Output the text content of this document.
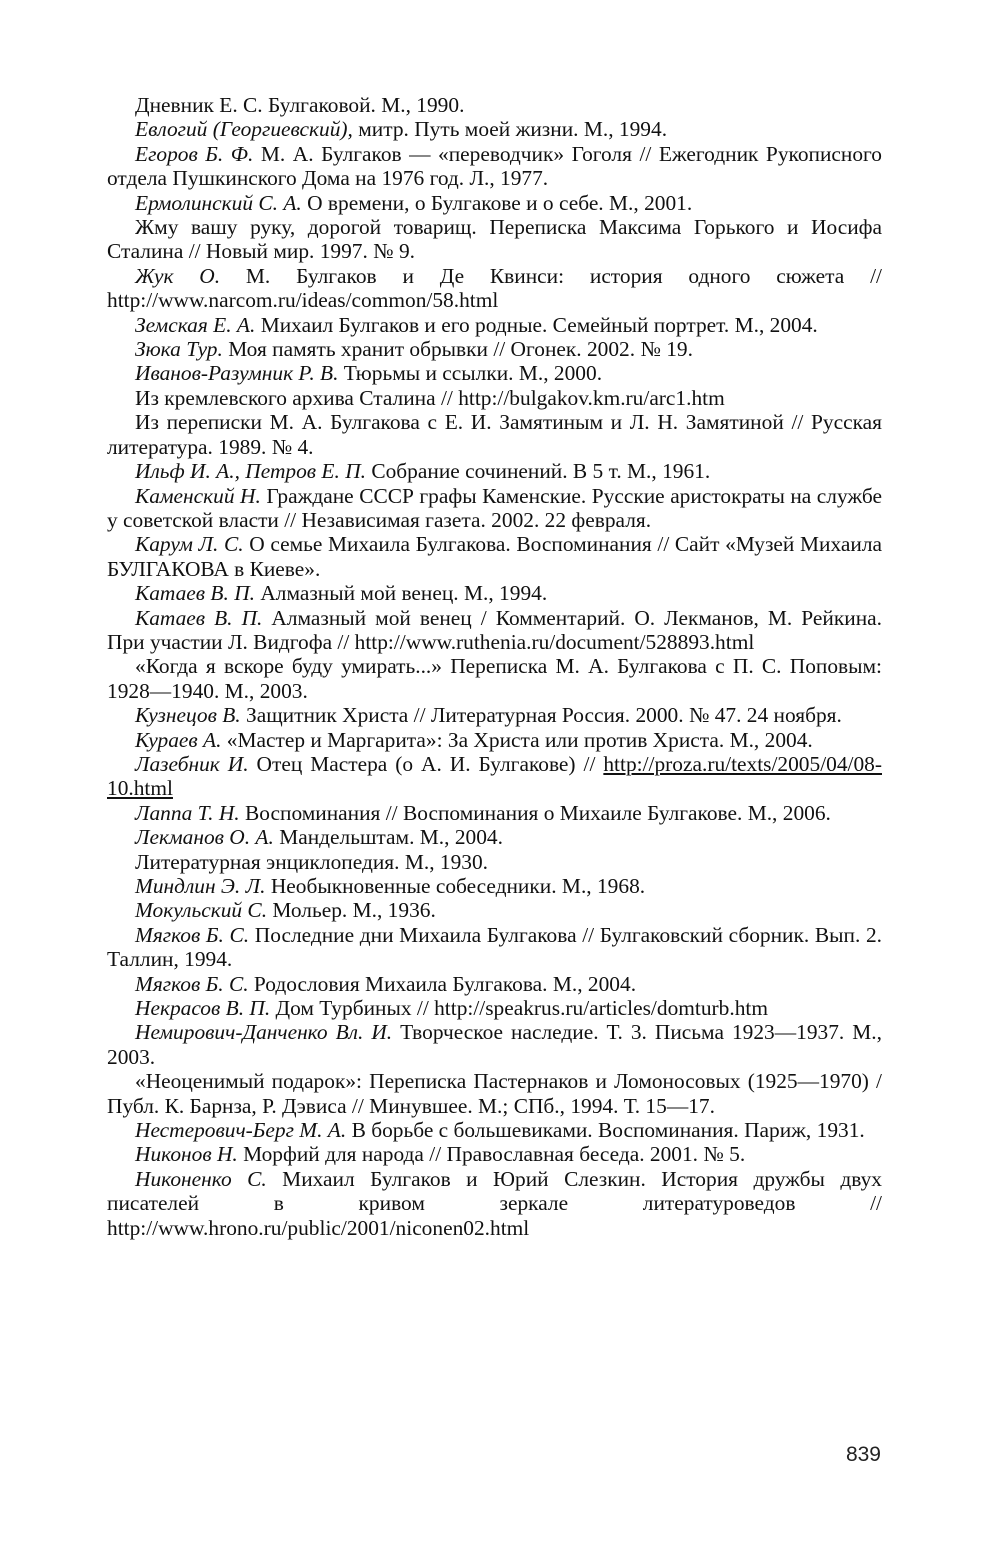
Дневник Е. С. Булгаковой. М., 1990.

Евлогий (Георгиевский), митр. Путь моей жизни. М., 1994.

Егоров Б. Ф. М. А. Булгаков — «переводчик» Гоголя // Ежегодник Рукописного отдела Пушкинского Дома на 1976 год. Л., 1977.

Ермолинский С. А. О времени, о Булгакове и о себе. М., 2001.

Жму вашу руку, дорогой товарищ. Переписка Максима Горького и Иосифа Сталина // Новый мир. 1997. № 9.

Жук О. М. Булгаков и Де Квинси: история одного сюжета // http://www.narcom.ru/ideas/common/58.html

Земская Е. А. Михаил Булгаков и его родные. Семейный портрет. М., 2004.

Зюка Тур. Моя память хранит обрывки // Огонек. 2002. № 19.

Иванов-Разумник Р. В. Тюрьмы и ссылки. М., 2000.

Из кремлевского архива Сталина // http://bulgakov.km.ru/arc1.htm

Из переписки М. А. Булгакова с Е. И. Замятиным и Л. Н. Замятиной // Русская литература. 1989. № 4.

Ильф И. А., Петров Е. П. Собрание сочинений. В 5 т. М., 1961.

Каменский Н. Граждане СССР графы Каменские. Русские аристократы на службе у советской власти // Независимая газета. 2002. 22 февраля.

Карум Л. С. О семье Михаила Булгакова. Воспоминания // Сайт «Музей Михаила БУЛГАКОВА в Киеве».

Катаев В. П. Алмазный мой венец. М., 1994.

Катаев В. П. Алмазный мой венец / Комментарий. О. Лекманов, М. Рейкина. При участии Л. Видгофа // http://www.ruthenia.ru/document/528893.html

«Когда я вскоре буду умирать...» Переписка М. А. Булгакова с П. С. Поповым: 1928—1940. М., 2003.

Кузнецов В. Защитник Христа // Литературная Россия. 2000. № 47. 24 ноября.

Кураев А. «Мастер и Маргарита»: За Христа или против Христа. М., 2004.

Лазебник И. Отец Мастера (о А. И. Булгакове) // http://proza.ru/texts/2005/04/08-10.html

Лаппа Т. Н. Воспоминания // Воспоминания о Михаиле Булгакове. М., 2006.

Лекманов О. А. Мандельштам. М., 2004.

Литературная энциклопедия. М., 1930.

Миндлин Э. Л. Необыкновенные собеседники. М., 1968.

Мокульский С. Мольер. М., 1936.

Мягков Б. С. Последние дни Михаила Булгакова // Булгаковский сборник. Вып. 2. Таллин, 1994.

Мягков Б. С. Родословия Михаила Булгакова. М., 2004.

Некрасов В. П. Дом Турбиных // http://speakrus.ru/articles/domturb.htm

Немирович-Данченко Вл. И. Творческое наследие. Т. 3. Письма 1923—1937. М., 2003.

«Неоценимый подарок»: Переписка Пастернаков и Ломоносовых (1925—1970) / Публ. К. Барнза, Р. Дэвиса // Минувшее. М.; СПб., 1994. Т. 15—17.

Нестерович-Берг М. А. В борьбе с большевиками. Воспоминания. Париж, 1931.

Никонов Н. Морфий для народа // Православная беседа. 2001. № 5.

Никоненко С. Михаил Булгаков и Юрий Слезкин. История дружбы двух писателей в кривом зеркале литературоведов // http://www.hrono.ru/public/2001/niconen02.html

839
